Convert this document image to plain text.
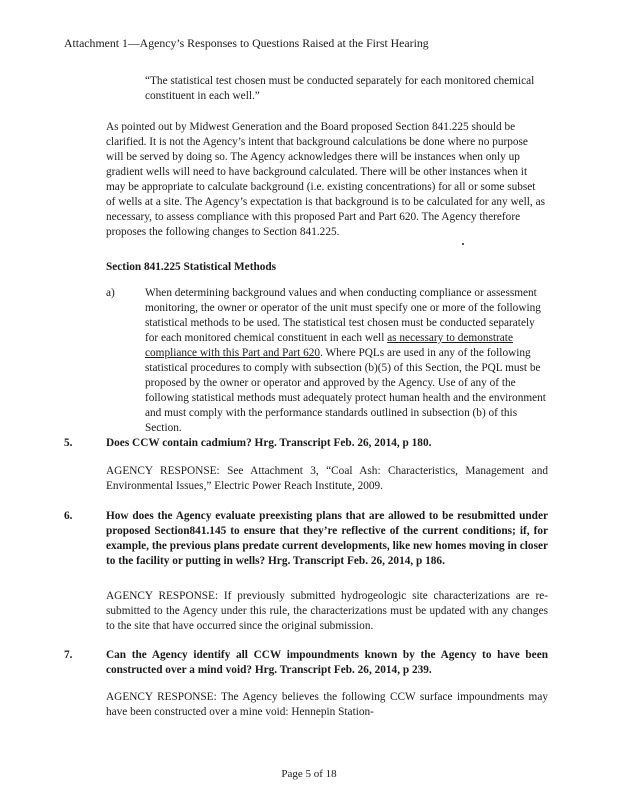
Attachment 1—Agency’s Responses to Questions Raised at the First Hearing
“The statistical test chosen must be conducted separately for each monitored chemical constituent in each well.”
As pointed out by Midwest Generation and the Board proposed Section 841.225 should be clarified. It is not the Agency’s intent that background calculations be done where no purpose will be served by doing so. The Agency acknowledges there will be instances when only up gradient wells will need to have background calculated. There will be other instances when it may be appropriate to calculate background (i.e. existing concentrations) for all or some subset of wells at a site. The Agency’s expectation is that background is to be calculated for any well, as necessary, to assess compliance with this proposed Part and Part 620. The Agency therefore proposes the following changes to Section 841.225.
Section 841.225 Statistical Methods
a)	When determining background values and when conducting compliance or assessment monitoring, the owner or operator of the unit must specify one or more of the following statistical methods to be used. The statistical test chosen must be conducted separately for each monitored chemical constituent in each well as necessary to demonstrate compliance with this Part and Part 620. Where PQLs are used in any of the following statistical procedures to comply with subsection (b)(5) of this Section, the PQL must be proposed by the owner or operator and approved by the Agency. Use of any of the following statistical methods must adequately protect human health and the environment and must comply with the performance standards outlined in subsection (b) of this Section.
5.	Does CCW contain cadmium? Hrg. Transcript Feb. 26, 2014, p 180.
AGENCY RESPONSE: See Attachment 3, “Coal Ash: Characteristics, Management and Environmental Issues,” Electric Power Reach Institute, 2009.
6.	How does the Agency evaluate preexisting plans that are allowed to be resubmitted under proposed Section841.145 to ensure that they’re reflective of the current conditions; if, for example, the previous plans predate current developments, like new homes moving in closer to the facility or putting in wells? Hrg. Transcript Feb. 26, 2014, p 186.
AGENCY RESPONSE: If previously submitted hydrogeologic site characterizations are re-submitted to the Agency under this rule, the characterizations must be updated with any changes to the site that have occurred since the original submission.
7.	Can the Agency identify all CCW impoundments known by the Agency to have been constructed over a mind void? Hrg. Transcript Feb. 26, 2014, p 239.
AGENCY RESPONSE: The Agency believes the following CCW surface impoundments may have been constructed over a mine void: Hennepin Station-
Page 5 of 18
